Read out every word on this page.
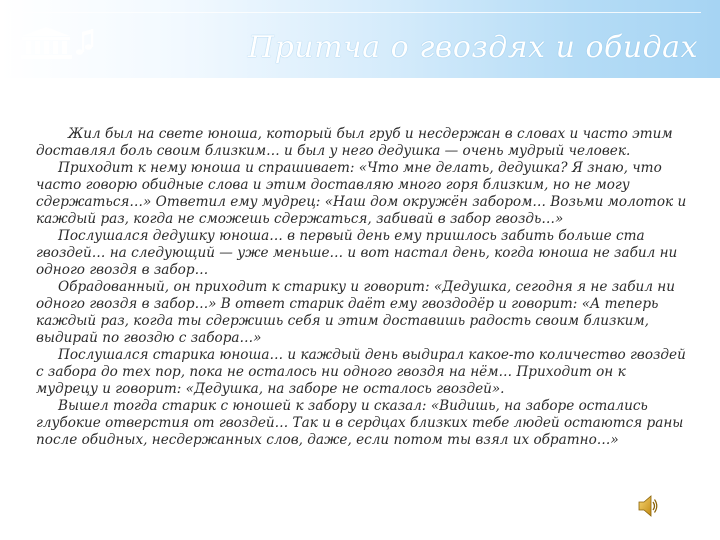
Притча о гвоздях и обидах

Жил был на свете юноша, который был груб и несдержан в словах и часто этим доставлял боль своим близким… и был у него дедушка — очень мудрый человек.

Приходит к нему юноша и спрашивает: «Что мне делать, дедушка? Я знаю, что часто говорю обидные слова и этим доставляю много горя близким, но не могу сдержаться…» Ответил ему мудрец: «Наш дом окружён забором… Возьми молоток и каждый раз, когда не сможешь сдержаться, забивай в забор гвоздь…»

Послушался дедушку юноша… в первый день ему пришлось забить больше ста гвоздей… на следующий — уже меньше… и вот настал день, когда юноша не забил ни одного гвоздя в забор…

Обрадованный, он приходит к старику и говорит: «Дедушка, сегодня я не забил ни одного гвоздя в забор…» В ответ старик даёт ему гвоздодёр и говорит: «А теперь каждый раз, когда ты сдержишь себя и этим доставишь радость своим близким, выдирай по гвоздю с забора…»

Послушался старика юноша… и каждый день выдирал какое-то количество гвоздей с забора до тех пор, пока не осталось ни одного гвоздя на нём… Приходит он к мудрецу и говорит: «Дедушка, на заборе не осталось гвоздей».

Вышел тогда старик с юношей к забору и сказал: «Видишь, на заборе остались глубокие отверстия от гвоздей… Так и в сердцах близких тебе людей остаются раны после обидных, несдержанных слов, даже, если потом ты взял их обратно…»
